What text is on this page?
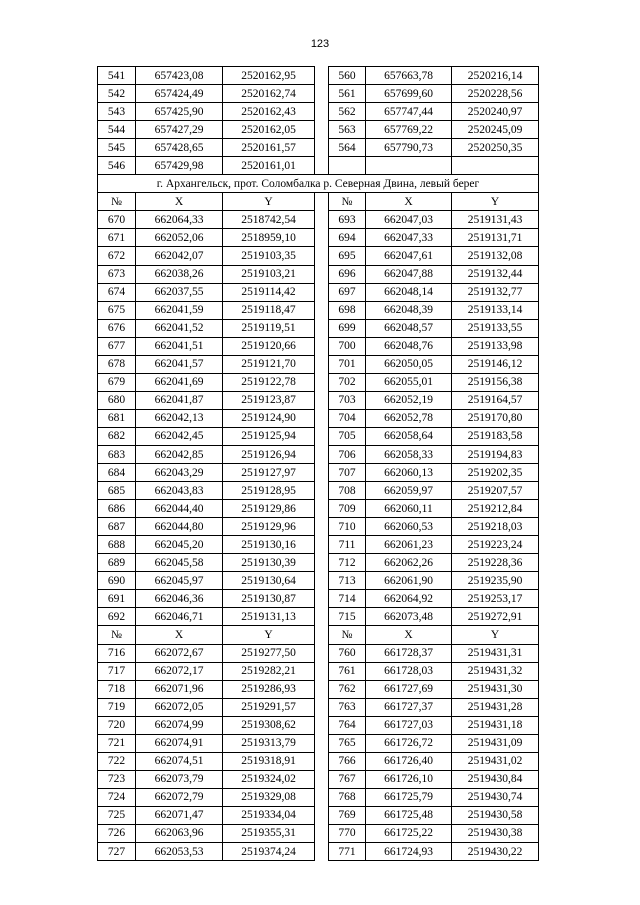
123
541	657423,08	2520162,95		560	657663,78	2520216,14
542	657424,49	2520162,74		561	657699,60	2520228,56
543	657425,90	2520162,43		562	657747,44	2520240,97
544	657427,29	2520162,05		563	657769,22	2520245,09
545	657428,65	2520161,57		564	657790,73	2520250,35
546	657429,98	2520161,01				
г. Архангельск, прот. Соломбалка р. Северная Двина, левый берег						
№	X	Y		№	X	Y
670	662064,33	2518742,54		693	662047,03	2519131,43
671	662052,06	2518959,10		694	662047,33	2519131,71
672	662042,07	2519103,35		695	662047,61	2519132,08
673	662038,26	2519103,21		696	662047,88	2519132,44
674	662037,55	2519114,42		697	662048,14	2519132,77
675	662041,59	2519118,47		698	662048,39	2519133,14
676	662041,52	2519119,51		699	662048,57	2519133,55
677	662041,51	2519120,66		700	662048,76	2519133,98
678	662041,57	2519121,70		701	662050,05	2519146,12
679	662041,69	2519122,78		702	662055,01	2519156,38
680	662041,87	2519123,87		703	662052,19	2519164,57
681	662042,13	2519124,90		704	662052,78	2519170,80
682	662042,45	2519125,94		705	662058,64	2519183,58
683	662042,85	2519126,94		706	662058,33	2519194,83
684	662043,29	2519127,97		707	662060,13	2519202,35
685	662043,83	2519128,95		708	662059,97	2519207,57
686	662044,40	2519129,86		709	662060,11	2519212,84
687	662044,80	2519129,96		710	662060,53	2519218,03
688	662045,20	2519130,16		711	662061,23	2519223,24
689	662045,58	2519130,39		712	662062,26	2519228,36
690	662045,97	2519130,64		713	662061,90	2519235,90
691	662046,36	2519130,87		714	662064,92	2519253,17
692	662046,71	2519131,13		715	662073,48	2519272,91
№	X	Y		№	X	Y
716	662072,67	2519277,50		760	661728,37	2519431,31
717	662072,17	2519282,21		761	661728,03	2519431,32
718	662071,96	2519286,93		762	661727,69	2519431,30
719	662072,05	2519291,57		763	661727,37	2519431,28
720	662074,99	2519308,62		764	661727,03	2519431,18
721	662074,91	2519313,79		765	661726,72	2519431,09
722	662074,51	2519318,91		766	661726,40	2519431,02
723	662073,79	2519324,02		767	661726,10	2519430,84
724	662072,79	2519329,08		768	661725,79	2519430,74
725	662071,47	2519334,04		769	661725,48	2519430,58
726	662063,96	2519355,31		770	661725,22	2519430,38
727	662053,53	2519374,24		771	661724,93	2519430,22
